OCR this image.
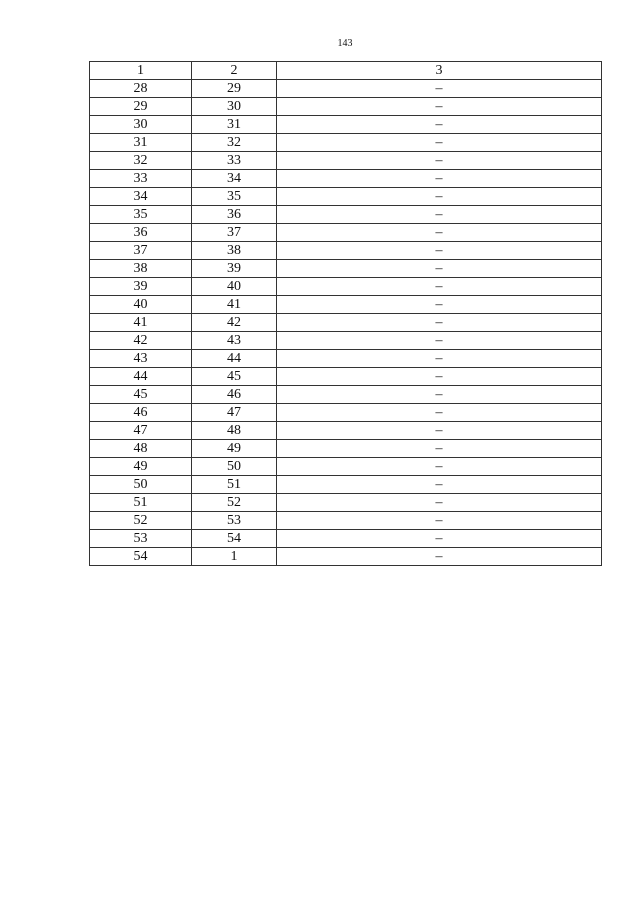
143
1	2	3
28	29	–
29	30	–
30	31	–
31	32	–
32	33	–
33	34	–
34	35	–
35	36	–
36	37	–
37	38	–
38	39	–
39	40	–
40	41	–
41	42	–
42	43	–
43	44	–
44	45	–
45	46	–
46	47	–
47	48	–
48	49	–
49	50	–
50	51	–
51	52	–
52	53	–
53	54	–
54	1	–
